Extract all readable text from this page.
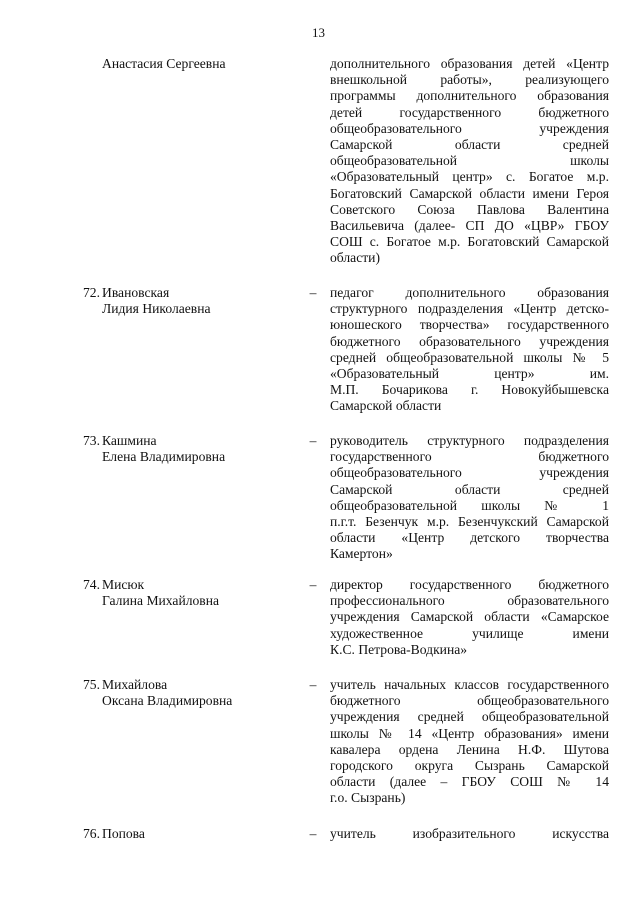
13
Анастасия Сергеевна	дополнительного образования детей «Центр
внешкольной работы», реализующего
программы дополнительного образования
детей государственного бюджетного
общеобразовательного учреждения
Самарской области средней
общеобразовательной школы
«Образовательный центр» с. Богатое м.р.
Богатовский Самарской области имени Героя
Советского Союза Павлова Валентина
Васильевича (далее- СП ДО «ЦВР» ГБОУ
СОШ с. Богатое м.р. Богатовский Самарской
области)
72. Ивановская
Лидия Николаевна
– педагог дополнительного образования
структурного подразделения «Центр детско-
юношеского творчества» государственного
бюджетного образовательного учреждения
средней общеобразовательной школы № 5
«Образовательный центр» им.
М.П. Бочарикова г. Новокуйбышевска
Самарской области
73. Кашмина
Елена Владимировна
– руководитель структурного подразделения
государственного бюджетного
общеобразовательного учреждения
Самарской области средней
общеобразовательной школы № 1
п.г.т. Безенчук м.р. Безенчукский Самарской
области «Центр детского творчества
Камертон»
74. Мисюк
Галина Михайловна
– директор государственного бюджетного
профессионального образовательного
учреждения Самарской области «Самарское
художественное училище имени
К.С. Петрова-Водкина»
75. Михайлова
Оксана Владимировна
– учитель начальных классов государственного
бюджетного общеобразовательного
учреждения средней общеобразовательной
школы № 14 «Центр образования» имени
кавалера ордена Ленина Н.Ф. Шутова
городского округа Сызрань Самарской
области (далее – ГБОУ СОШ № 14
г.о. Сызрань)
76. Попова	– учитель изобразительного искусства
